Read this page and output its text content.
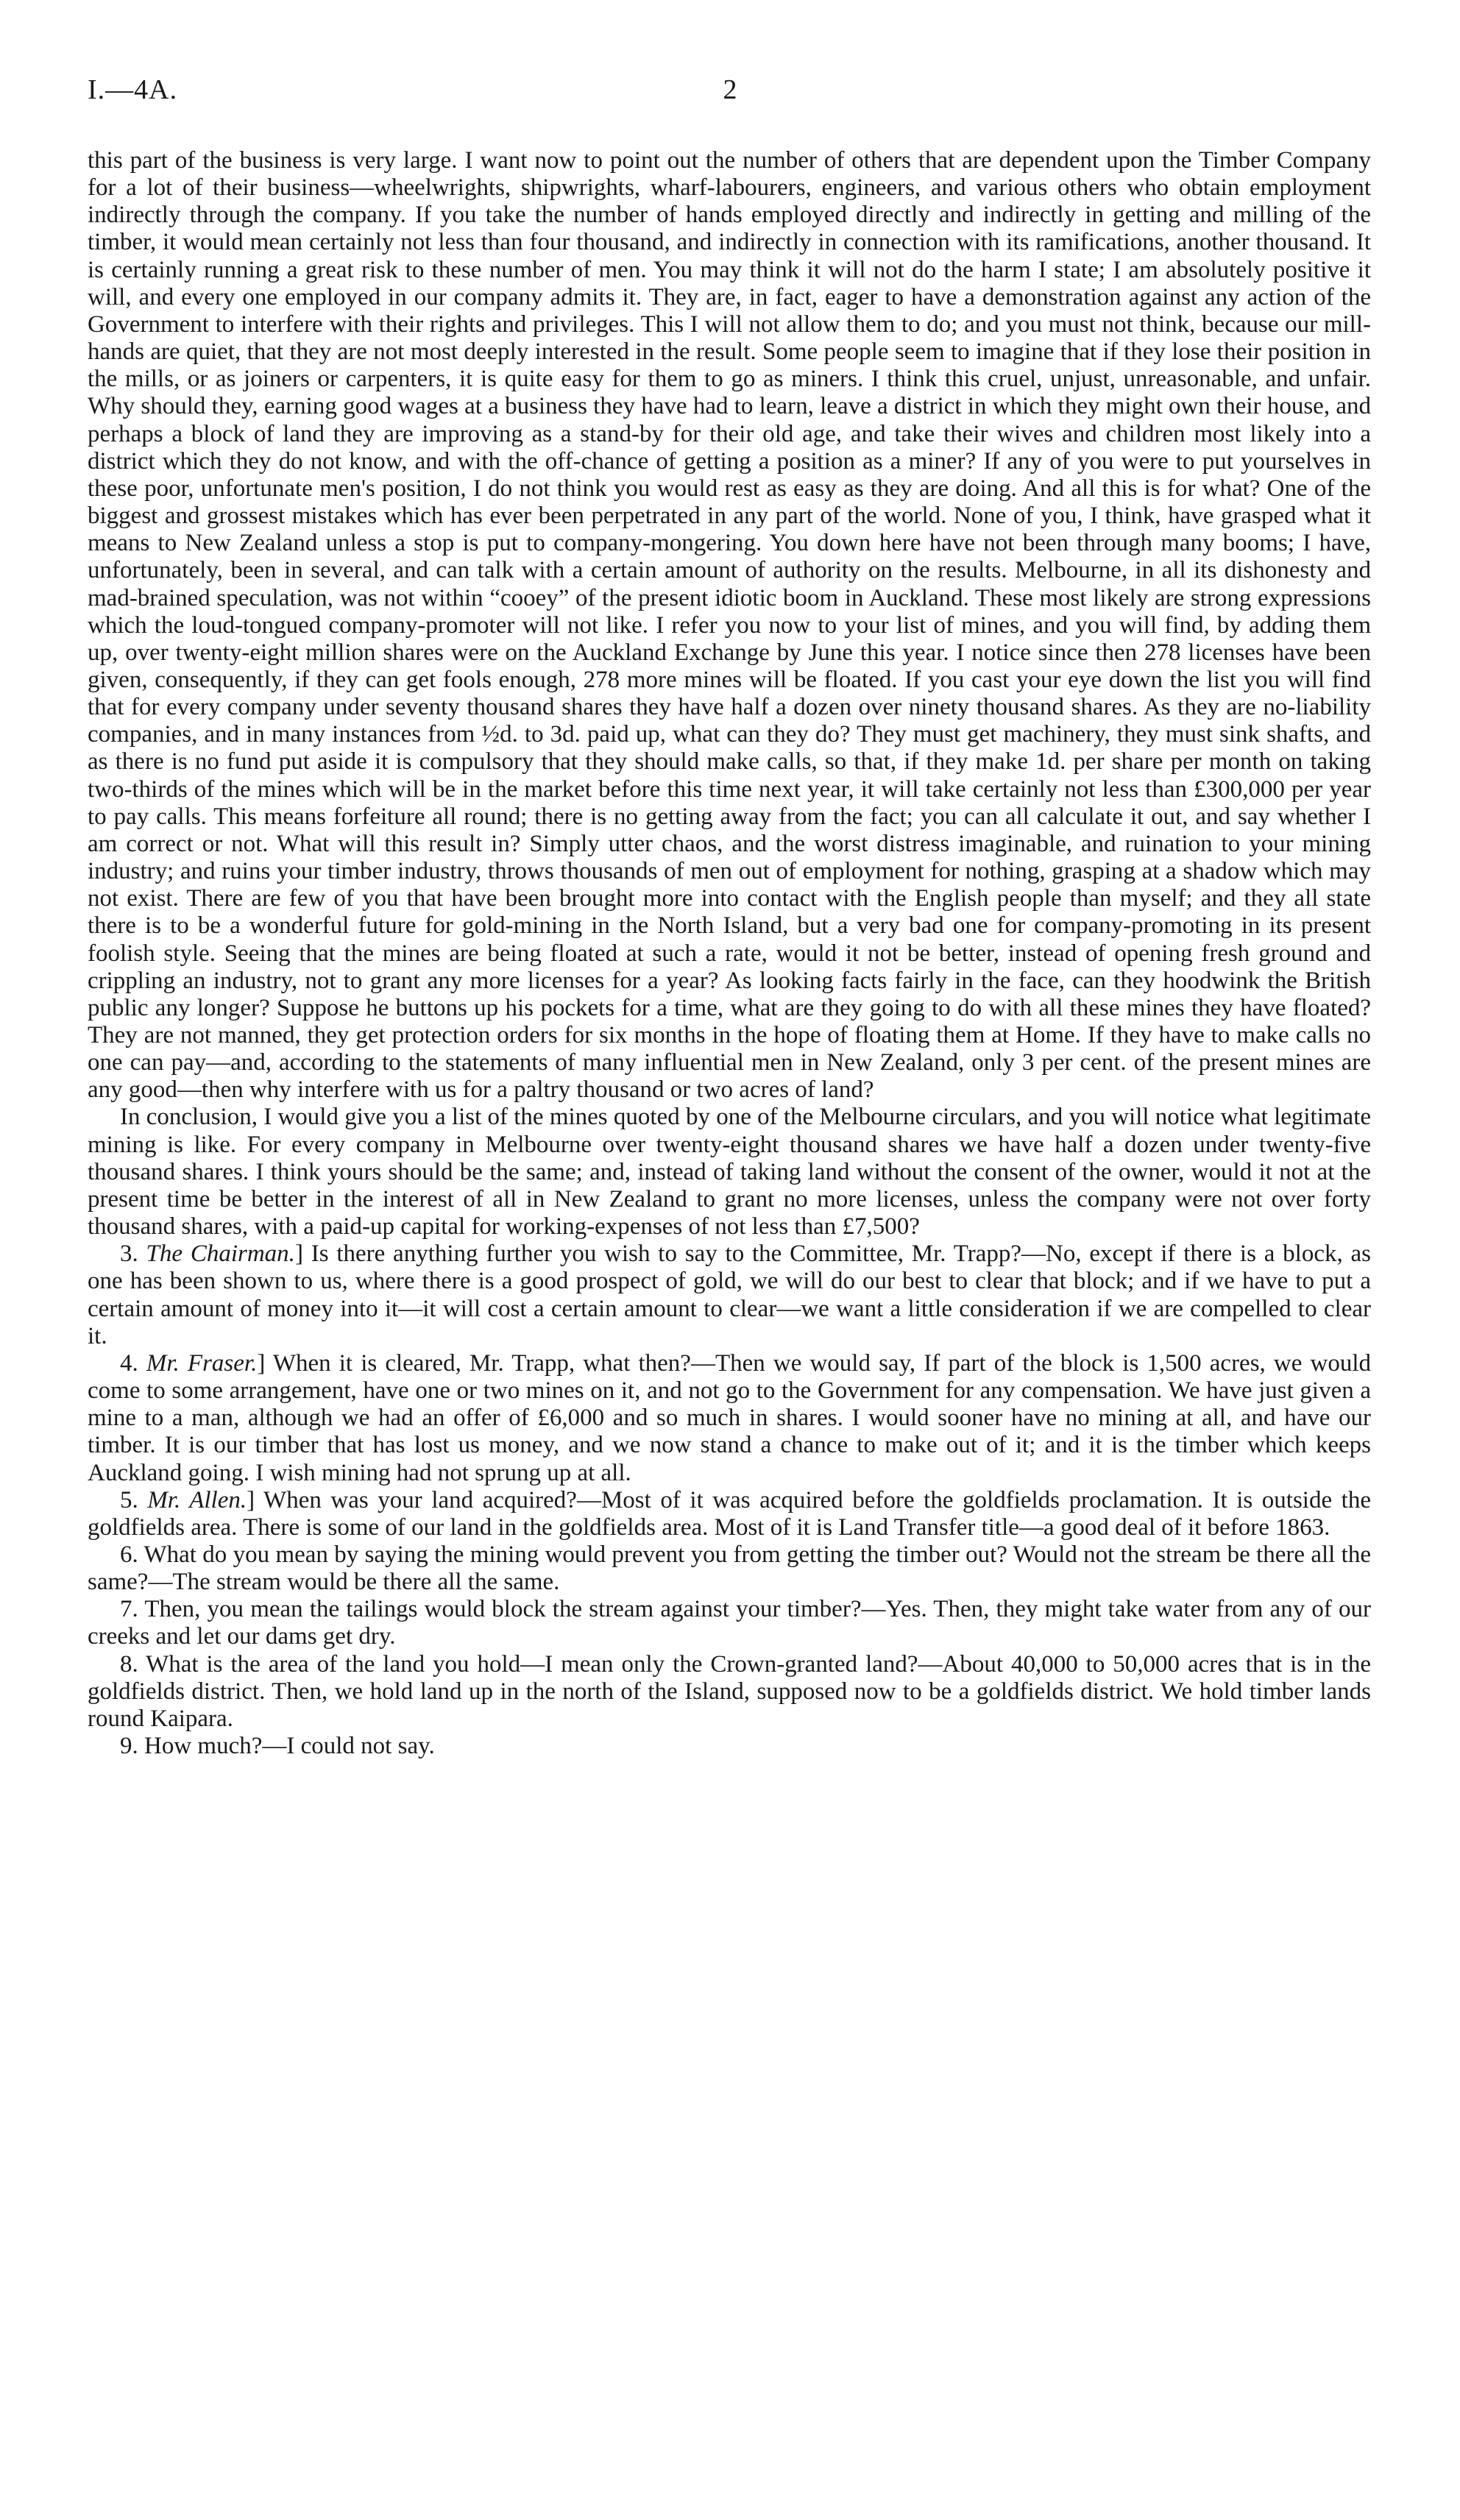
I.—4A.	2

this part of the business is very large. I want now to point out the number of others that are dependent upon the Timber Company for a lot of their business—wheelwrights, shipwrights, wharf-labourers, engineers, and various others who obtain employment indirectly through the company. If you take the number of hands employed directly and indirectly in getting and milling of the timber, it would mean certainly not less than four thousand, and indirectly in connection with its ramifications, another thousand. It is certainly running a great risk to these number of men. You may think it will not do the harm I state; I am absolutely positive it will, and every one employed in our company admits it. They are, in fact, eager to have a demonstration against any action of the Government to interfere with their rights and privileges. This I will not allow them to do; and you must not think, because our mill-hands are quiet, that they are not most deeply interested in the result. Some people seem to imagine that if they lose their position in the mills, or as joiners or carpenters, it is quite easy for them to go as miners. I think this cruel, unjust, unreasonable, and unfair. Why should they, earning good wages at a business they have had to learn, leave a district in which they might own their house, and perhaps a block of land they are improving as a stand-by for their old age, and take their wives and children most likely into a district which they do not know, and with the off-chance of getting a position as a miner? If any of you were to put yourselves in these poor, unfortunate men's position, I do not think you would rest as easy as they are doing. And all this is for what? One of the biggest and grossest mistakes which has ever been perpetrated in any part of the world. None of you, I think, have grasped what it means to New Zealand unless a stop is put to company-mongering. You down here have not been through many booms; I have, unfortunately, been in several, and can talk with a certain amount of authority on the results. Melbourne, in all its dishonesty and mad-brained speculation, was not within “cooey” of the present idiotic boom in Auckland. These most likely are strong expressions which the loud-tongued company-promoter will not like. I refer you now to your list of mines, and you will find, by adding them up, over twenty-eight million shares were on the Auckland Exchange by June this year. I notice since then 278 licenses have been given, consequently, if they can get fools enough, 278 more mines will be floated. If you cast your eye down the list you will find that for every company under seventy thousand shares they have half a dozen over ninety thousand shares. As they are no-liability companies, and in many instances from ½d. to 3d. paid up, what can they do? They must get machinery, they must sink shafts, and as there is no fund put aside it is compulsory that they should make calls, so that, if they make 1d. per share per month on taking two-thirds of the mines which will be in the market before this time next year, it will take certainly not less than £300,000 per year to pay calls. This means forfeiture all round; there is no getting away from the fact; you can all calculate it out, and say whether I am correct or not. What will this result in? Simply utter chaos, and the worst distress imaginable, and ruination to your mining industry; and ruins your timber industry, throws thousands of men out of employment for nothing, grasping at a shadow which may not exist. There are few of you that have been brought more into contact with the English people than myself; and they all state there is to be a wonderful future for gold-mining in the North Island, but a very bad one for company-promoting in its present foolish style. Seeing that the mines are being floated at such a rate, would it not be better, instead of opening fresh ground and crippling an industry, not to grant any more licenses for a year? As looking facts fairly in the face, can they hoodwink the British public any longer? Suppose he buttons up his pockets for a time, what are they going to do with all these mines they have floated? They are not manned, they get protection orders for six months in the hope of floating them at Home. If they have to make calls no one can pay—and, according to the statements of many influential men in New Zealand, only 3 per cent. of the present mines are any good—then why interfere with us for a paltry thousand or two acres of land?

In conclusion, I would give you a list of the mines quoted by one of the Melbourne circulars, and you will notice what legitimate mining is like. For every company in Melbourne over twenty-eight thousand shares we have half a dozen under twenty-five thousand shares. I think yours should be the same; and, instead of taking land without the consent of the owner, would it not at the present time be better in the interest of all in New Zealand to grant no more licenses, unless the company were not over forty thousand shares, with a paid-up capital for working-expenses of not less than £7,500?

3. The Chairman.] Is there anything further you wish to say to the Committee, Mr. Trapp?—No, except if there is a block, as one has been shown to us, where there is a good prospect of gold, we will do our best to clear that block; and if we have to put a certain amount of money into it—it will cost a certain amount to clear—we want a little consideration if we are compelled to clear it.

4. Mr. Fraser.] When it is cleared, Mr. Trapp, what then?—Then we would say, If part of the block is 1,500 acres, we would come to some arrangement, have one or two mines on it, and not go to the Government for any compensation. We have just given a mine to a man, although we had an offer of £6,000 and so much in shares. I would sooner have no mining at all, and have our timber. It is our timber that has lost us money, and we now stand a chance to make out of it; and it is the timber which keeps Auckland going. I wish mining had not sprung up at all.

5. Mr. Allen.] When was your land acquired?—Most of it was acquired before the goldfields proclamation. It is outside the goldfields area. There is some of our land in the goldfields area. Most of it is Land Transfer title—a good deal of it before 1863.

6. What do you mean by saying the mining would prevent you from getting the timber out? Would not the stream be there all the same?—The stream would be there all the same.

7. Then, you mean the tailings would block the stream against your timber?—Yes. Then, they might take water from any of our creeks and let our dams get dry.

8. What is the area of the land you hold—I mean only the Crown-granted land?—About 40,000 to 50,000 acres that is in the goldfields district. Then, we hold land up in the north of the Island, supposed now to be a goldfields district. We hold timber lands round Kaipara.

9. How much?—I could not say.
